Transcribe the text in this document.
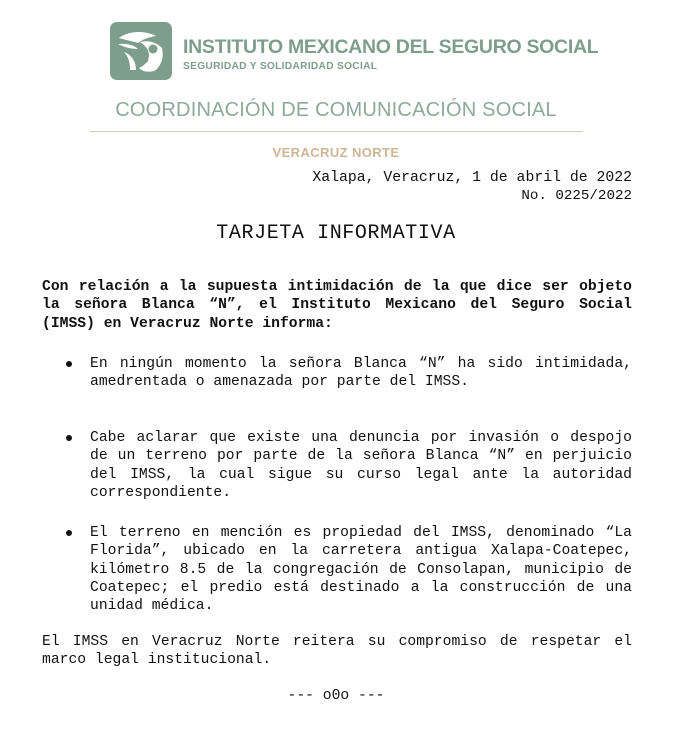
INSTITUTO MEXICANO DEL SEGURO SOCIAL
SEGURIDAD Y SOLIDARIDAD SOCIAL
COORDINACIÓN DE COMUNICACIÓN SOCIAL
VERACRUZ NORTE
Xalapa, Veracruz, 1 de abril de 2022
No. 0225/2022
TARJETA INFORMATIVA
Con relación a la supuesta intimidación de la que dice ser objeto la señora Blanca “N”, el Instituto Mexicano del Seguro Social (IMSS) en Veracruz Norte informa:
En ningún momento la señora Blanca “N” ha sido intimidada, amedrentada o amenazada por parte del IMSS.
Cabe aclarar que existe una denuncia por invasión o despojo de un terreno por parte de la señora Blanca “N” en perjuicio del IMSS, la cual sigue su curso legal ante la autoridad correspondiente.
El terreno en mención es propiedad del IMSS, denominado “La Florida”, ubicado en la carretera antigua Xalapa-Coatepec, kilómetro 8.5 de la congregación de Consolapan, municipio de Coatepec; el predio está destinado a la construcción de una unidad médica.
El IMSS en Veracruz Norte reitera su compromiso de respetar el marco legal institucional.
--- o0o ---
